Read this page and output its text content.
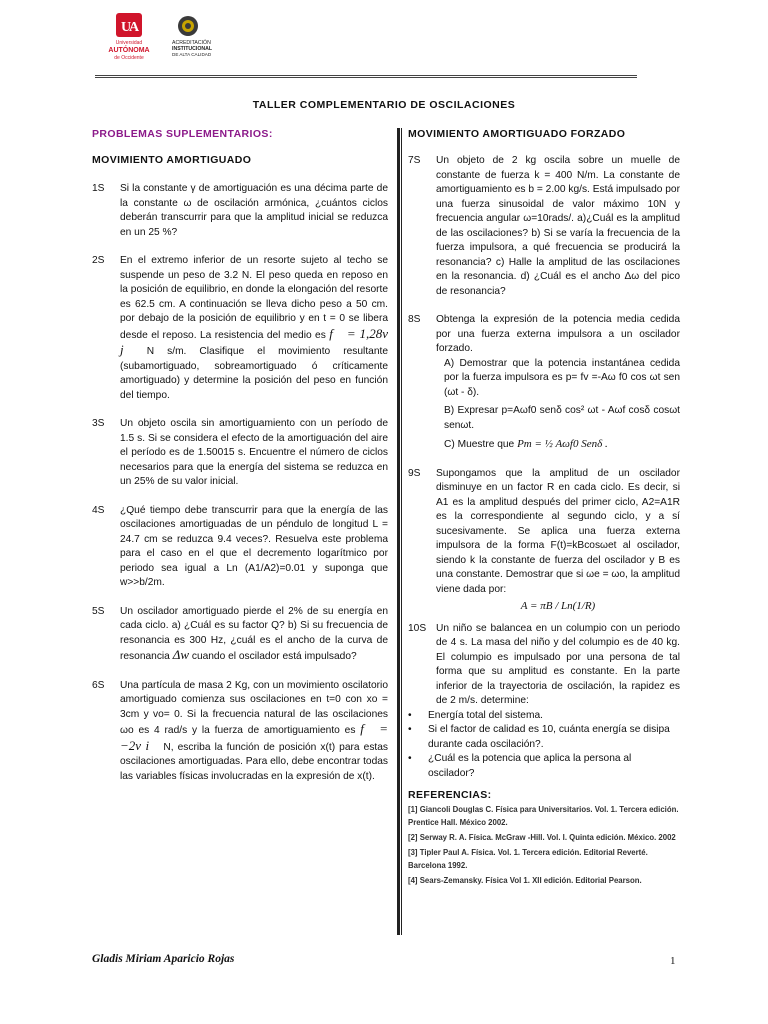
U
A
Universidad
AUTÓNOMA
de Occidente
ACREDITACIÓN
INSTITUCIONAL
DE ALTA CALIDAD
TALLER COMPLEMENTARIO DE OSCILACIONES
PROBLEMAS SUPLEMENTARIOS:
MOVIMIENTO AMORTIGUADO
1S	Si la constante γ de amortiguación es una décima parte de la constante ω de oscilación armónica, ¿cuántos ciclos deberán transcurrir para que la amplitud inicial se reduzca en un 25 %?
2S	En el extremo inferior de un resorte sujeto al techo se suspende un peso de 3.2 N. El peso queda en reposo en la posición de equilibrio, en donde la elongación del resorte es 62.5 cm. A continuación se lleva dicho peso a 50 cm. por debajo de la posición de equilibrio y en t = 0 se libera desde el reposo. La resistencia del medio es f⃗ = 1,28v j⃗ N s/m. Clasifique el movimiento resultante (subamortiguado, sobreamortiguado ó críticamente amortiguado) y determine la posición del peso en función del tiempo.
3S	Un objeto oscila sin amortiguamiento con un período de 1.5 s. Si se considera el efecto de la amortiguación del aire el período es de 1.50015 s. Encuentre el número de ciclos necesarios para que la energía del sistema se reduzca en un 25% de su valor inicial.
4S	¿Qué tiempo debe transcurrir para que la energía de las oscilaciones amortiguadas de un péndulo de longitud L = 24.7 cm se reduzca 9.4 veces?. Resuelva este problema para el caso en el que el decremento logarítmico por periodo sea igual a Ln (A1/A2)=0.01 y suponga que w>>b/2m.
5S	Un oscilador amortiguado pierde el 2% de su energía en cada ciclo. a) ¿Cuál es su factor Q? b) Si su frecuencia de resonancia es 300 Hz, ¿cuál es el ancho de la curva de resonancia Δw cuando el oscilador está impulsado?
6S	Una partícula de masa 2 Kg, con un movimiento oscilatorio amortiguado comienza sus oscilaciones en t=0 con xo = 3cm y vo= 0. Si la frecuencia natural de las oscilaciones ωo es 4 rad/s y la fuerza de amortiguamiento es f⃗ = −2v i⃗ N, escriba la función de posición x(t) para estas oscilaciones amortiguadas. Para ello, debe encontrar todas las variables físicas involucradas en la expresión de x(t).
MOVIMIENTO AMORTIGUADO FORZADO
7S	Un objeto de 2 kg oscila sobre un muelle de constante de fuerza k = 400 N/m. La constante de amortiguamiento es b = 2.00 kg/s. Está impulsado por una fuerza sinusoidal de valor máximo 10N y frecuencia angular ω=10rads/. a)¿Cuál es la amplitud de las oscilaciones? b) Si se varía la frecuencia de la fuerza impulsora, a qué frecuencia se producirá la resonancia? c) Halle la amplitud de las oscilaciones en la resonancia. d) ¿Cuál es el ancho Δω del pico de resonancia?
8S	Obtenga la expresión de la potencia media cedida por una fuerza externa impulsora a un oscilador forzado.
A) Demostrar que la potencia instantánea cedida por la fuerza impulsora es p= fv =-Aω f0 cos ωt sen (ωt - δ).
B) Expresar p=Aωf0 senδ cos² ωt - Aωf cosδ cosωt senωt.
C) Muestre que Pm = ½ Aωf0 Senδ .
9S	Supongamos que la amplitud de un oscilador disminuye en un factor R en cada ciclo. Es decir, si A1 es la amplitud después del primer ciclo, A2=A1R es la correspondiente al segundo ciclo, y a sí sucesivamente. Se aplica una fuerza externa impulsora de la forma F(t)=kBcosωet al oscilador, siendo k la constante de fuerza del oscilador y B es una constante. Demostrar que si ωe = ωo, la amplitud viene dada por:
A = πB / Ln(1/R)
10S Un niño se balancea en un columpio con un periodo de 4 s. La masa del niño y del columpio es de 40 kg. El columpio es impulsado por una persona de tal forma que su amplitud es constante. En la parte inferior de la trayectoria de oscilación, la rapidez es de 2 m/s. determine:
•	Energía total del sistema.
•	Si el factor de calidad es 10, cuánta energía se disipa durante cada oscilación?.
•	¿Cuál es la potencia que aplica la persona al oscilador?
REFERENCIAS:
[1] Giancoli Douglas C. Física para Universitarios. Vol. 1. Tercera edición. Prentice Hall. México 2002.
[2] Serway R. A. Física. McGraw -Hill. Vol. I. Quinta edición. México. 2002
[3] Tipler Paul A. Física. Vol. 1. Tercera edición. Editorial Reverté. Barcelona 1992.
[4] Sears-Zemansky. Física Vol 1. XII edición. Editorial Pearson.
Gladis Miriam Aparicio Rojas	1
